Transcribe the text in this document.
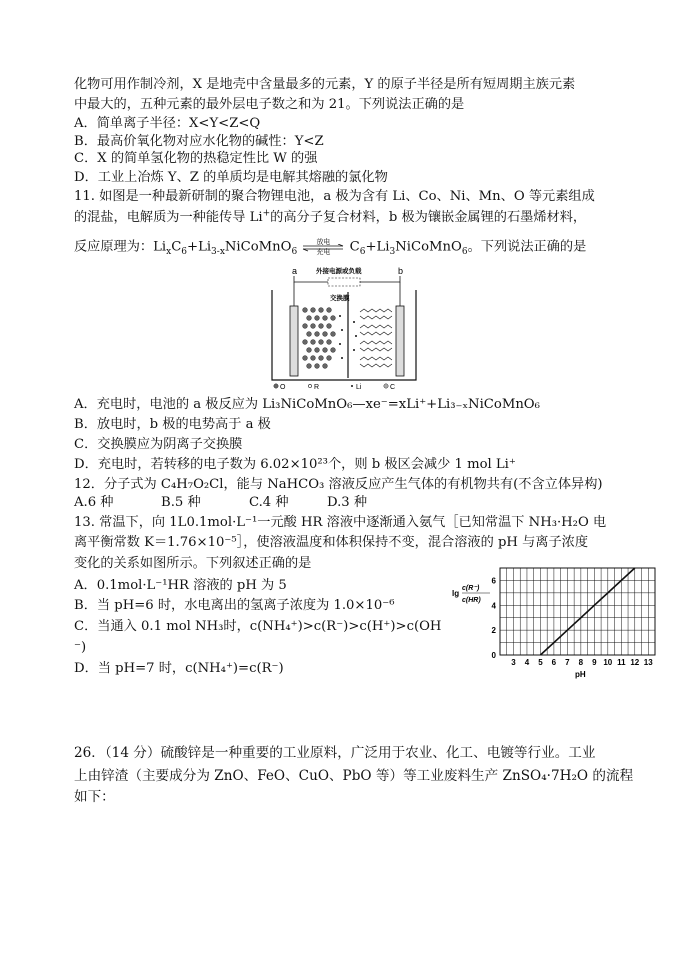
化物可用作制冷剂，X 是地壳中含量最多的元素，Y 的原子半径是所有短周期主族元素
中最大的，五种元素的最外层电子数之和为 21。下列说法正确的是
A．简单离子半径：X<Y<Z<Q
B．最高价氧化物对应水化物的碱性：Y<Z
C．X 的简单氢化物的热稳定性比 W 的强
D．工业上冶炼 Y、Z 的单质均是电解其熔融的氯化物
11. 如图是一种最新研制的聚合物锂电池，a 极为含有 Li、Co、Ni、Mn、O 等元素组成
的混盐，电解质为一种能传导 Li+的高分子复合材料，b 极为镶嵌金属锂的石墨烯材料，
反应原理为：$Li_xC_6+Li_{3-x}NiCoMnO_6$
放电
充电	$C_6+Li_3NiCoMnO_6$。下列说法正确的是
a	b
外接电源或负载
交换膜
O	R	Li	C
A．充电时，电池的 a 极反应为 Li₃NiCoMnO₆—xe⁻=xLi⁺+Li₃₋ₓNiCoMnO₆
B．放电时，b 极的电势高于 a 极
C．交换膜应为阴离子交换膜
D．充电时，若转移的电子数为 6.02×10²³个，则 b 极区会减少 1 mol Li⁺
12．分子式为 C₄H₇O₂Cl，能与 NaHCO₃ 溶液反应产生气体的有机物共有(不含立体异构)
A.6 种	B.5 种	C.4 种	D.3 种
13. 常温下，向 1L0.1mol·L⁻¹一元酸 HR 溶液中逐渐通入氨气［已知常温下 NH₃·H₂O 电
离平衡常数 K＝1.76×10⁻⁵］，使溶液温度和体积保持不变，混合溶液的 pH 与离子浓度
变化的关系如图所示。下列叙述正确的是
A．0.1mol·L⁻¹HR 溶液的 pH 为 5
B．当 pH=6 时，水电离出的氢离子浓度为 1.0×10⁻⁶
C．当通入 0.1 mol NH₃时，c(NH₄⁺)>c(R⁻)>c(H⁺)>c(OH
⁻)
D．当 pH=7 时，c(NH₄⁺)=c(R⁻)
lg
c(R⁻)
c(HR)
0
2
4
6
3 4 5 6 7 8 9 10 11 12 13
pH
26．（14 分）硫酸锌是一种重要的工业原料，广泛用于农业、化工、电镀等行业。工业
上由锌渣（主要成分为 ZnO、FeO、CuO、PbO 等）等工业废料生产 ZnSO₄·7H₂O 的流程
如下：
